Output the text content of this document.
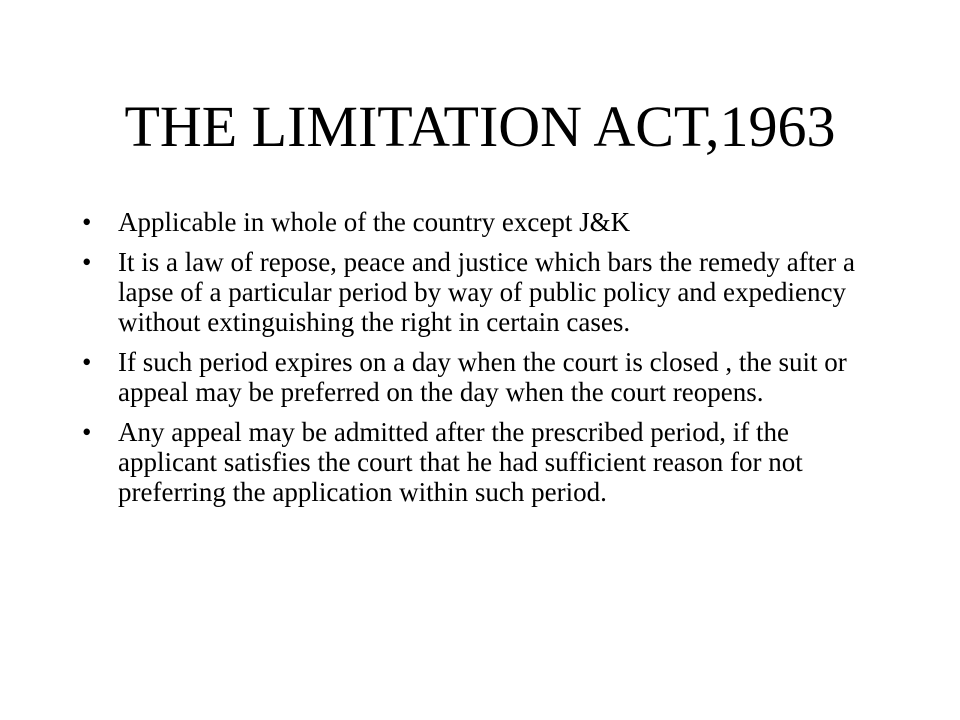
THE LIMITATION ACT,1963
• Applicable in whole of the country except J&K
• It is a law of repose, peace and justice which bars the remedy after a lapse of a particular period by way of public policy and expediency without extinguishing the right in certain cases.
• If such period expires on a day when the court is closed , the suit or appeal may be preferred on the day when the court reopens.
• Any appeal may be admitted after the prescribed period, if the applicant satisfies the court that he had sufficient reason for not preferring the application within such period.
